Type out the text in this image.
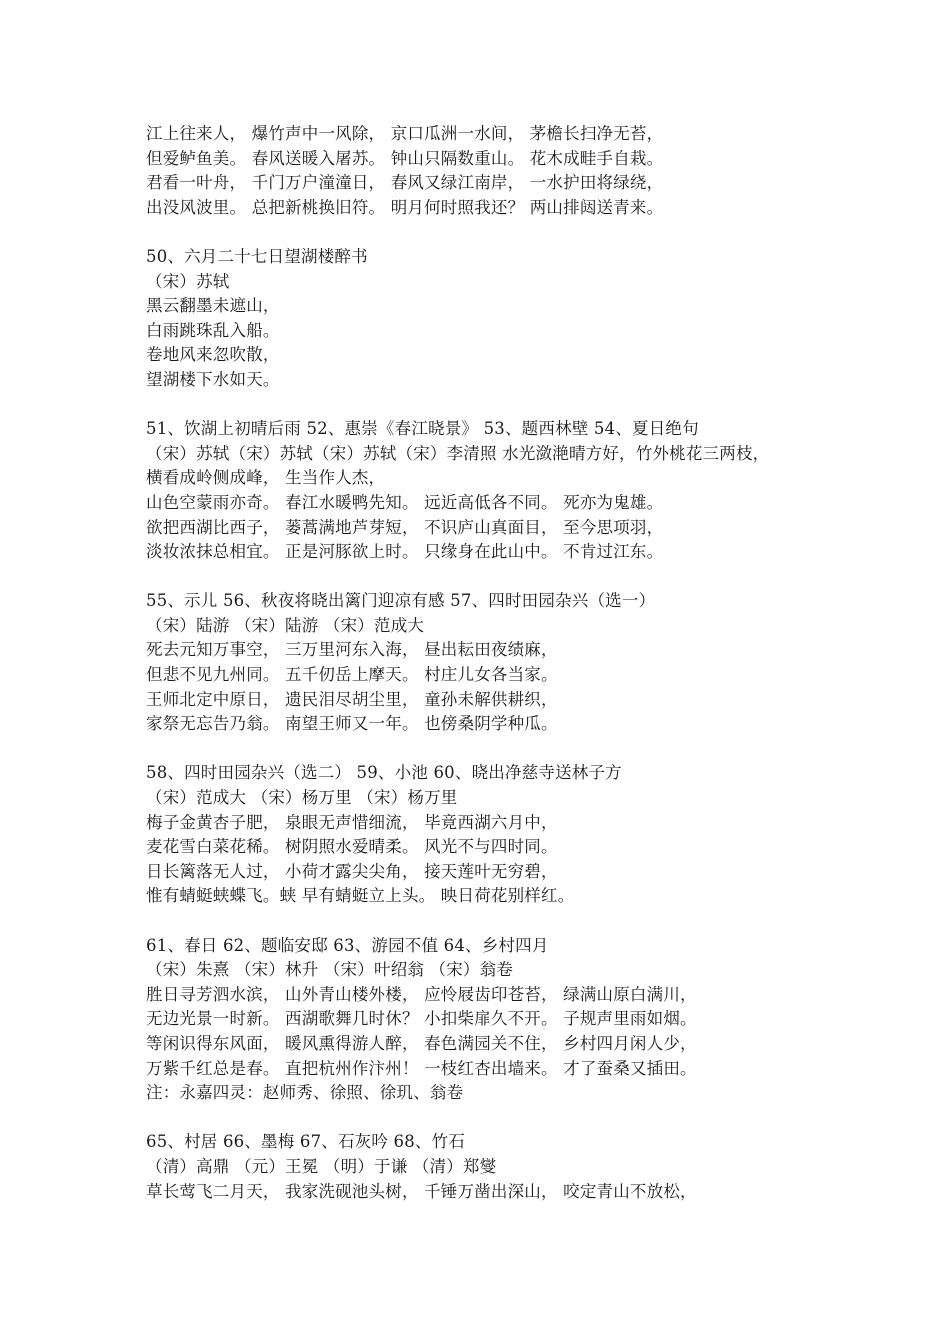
江上往来人， 爆竹声中一风除， 京口瓜洲一水间， 茅檐长扫净无苔，
但爱鲈鱼美。 春风送暖入屠苏。 钟山只隔数重山。 花木成畦手自栽。
君看一叶舟， 千门万户潼潼日， 春风又绿江南岸， 一水护田将绿绕，
出没风波里。 总把新桃换旧符。 明月何时照我还？ 两山排闼送青来。
50、六月二十七日望湖楼醉书
（宋）苏轼
黑云翻墨未遮山，
白雨跳珠乱入船。
卷地风来忽吹散，
望湖楼下水如天。
51、饮湖上初晴后雨 52、惠崇《春江晓景》 53、题西林壁 54、夏日绝句
（宋）苏轼（宋）苏轼（宋）苏轼（宋）李清照 水光潋滟晴方好，竹外桃花三两枝，
横看成岭侧成峰， 生当作人杰，
山色空蒙雨亦奇。 春江水暖鸭先知。 远近高低各不同。 死亦为鬼雄。
欲把西湖比西子， 蒌蒿满地芦芽短， 不识庐山真面目， 至今思项羽，
淡妆浓抹总相宜。 正是河豚欲上时。 只缘身在此山中。 不肯过江东。
55、示儿 56、秋夜将晓出篱门迎凉有感 57、四时田园杂兴（选一）
（宋）陆游 （宋）陆游 （宋）范成大
死去元知万事空， 三万里河东入海， 昼出耘田夜绩麻，
但悲不见九州同。 五千仞岳上摩天。 村庄儿女各当家。
王师北定中原日， 遗民泪尽胡尘里， 童孙未解供耕织，
家祭无忘告乃翁。 南望王师又一年。 也傍桑阴学种瓜。
58、四时田园杂兴（选二） 59、小池 60、晓出净慈寺送林子方
（宋）范成大 （宋）杨万里 （宋）杨万里
梅子金黄杏子肥， 泉眼无声惜细流， 毕竟西湖六月中，
麦花雪白菜花稀。 树阴照水爱晴柔。 风光不与四时同。
日长篱落无人过， 小荷才露尖尖角， 接天莲叶无穷碧，
惟有蜻蜓蛱蝶飞。蛱 早有蜻蜓立上头。 映日荷花别样红。
61、春日 62、题临安邸 63、游园不值 64、乡村四月
（宋）朱熹 （宋）林升 （宋）叶绍翁 （宋）翁卷
胜日寻芳泗水滨， 山外青山楼外楼， 应怜屐齿印苍苔， 绿满山原白满川，
无边光景一时新。 西湖歌舞几时休？ 小扣柴扉久不开。 子规声里雨如烟。
等闲识得东风面， 暖风熏得游人醉， 春色满园关不住， 乡村四月闲人少，
万紫千红总是春。 直把杭州作汴州！ 一枝红杏出墙来。 才了蚕桑又插田。
注：永嘉四灵：赵师秀、徐照、徐玑、翁卷
65、村居 66、墨梅 67、石灰吟 68、竹石
（清）高鼎 （元）王冕 （明）于谦 （清）郑燮
草长莺飞二月天， 我家洗砚池头树， 千锤万凿出深山， 咬定青山不放松，
